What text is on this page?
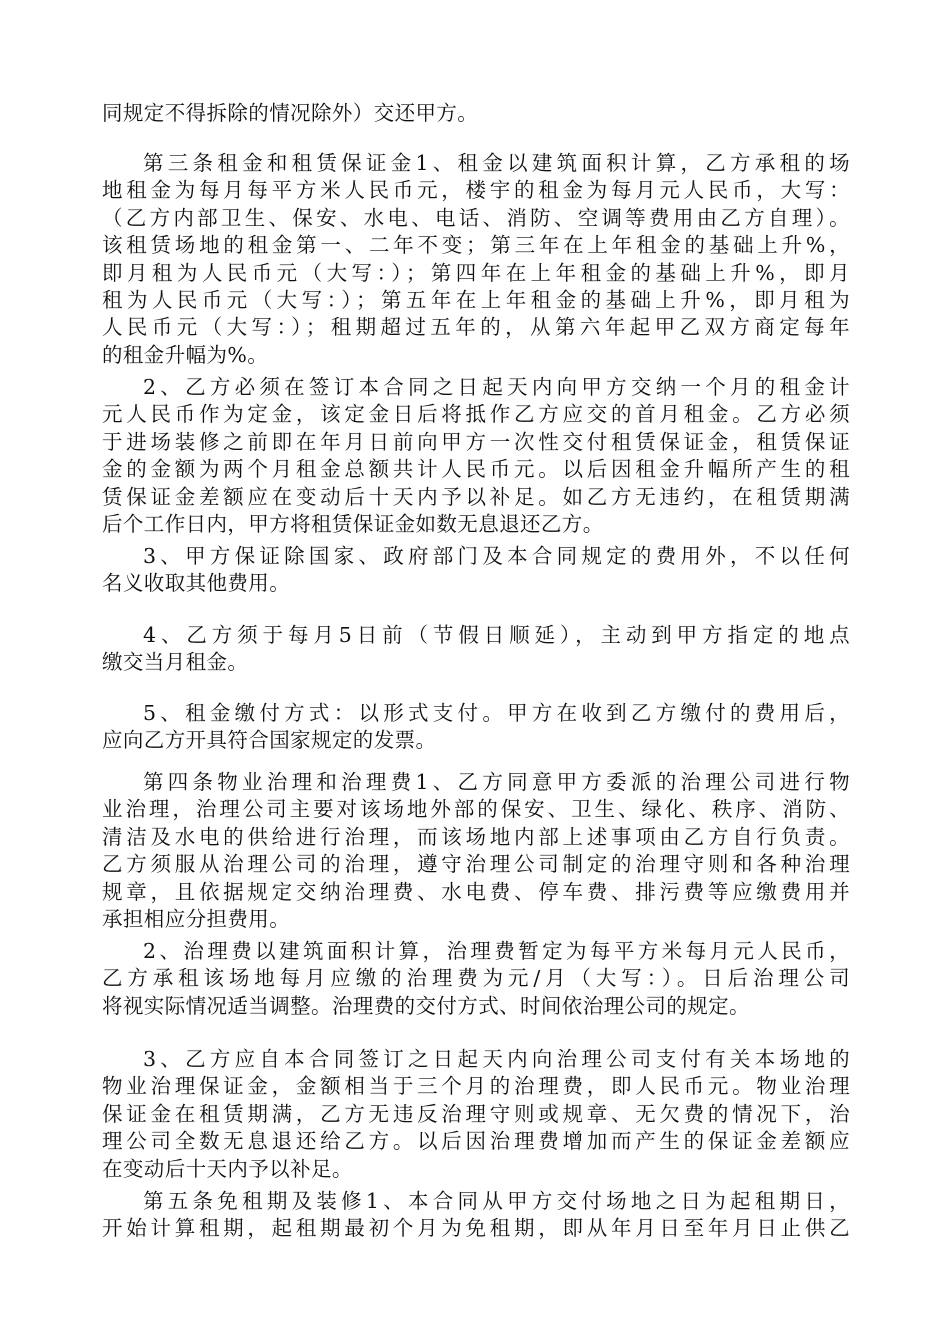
同规定不得拆除的情况除外）交还甲方。
第三条租金和租赁保证金1、租金以建筑面积计算，乙方承租的场
地租金为每月每平方米人民币元，楼宇的租金为每月元人民币，大写：
（乙方内部卫生、保安、水电、电话、消防、空调等费用由乙方自理）。
该租赁场地的租金第一、二年不变；第三年在上年租金的基础上升%，
即月租为人民币元（大写：）；第四年在上年租金的基础上升%，即月
租为人民币元（大写：）；第五年在上年租金的基础上升%，即月租为
人民币元（大写：）；租期超过五年的，从第六年起甲乙双方商定每年
的租金升幅为%。
2、乙方必须在签订本合同之日起天内向甲方交纳一个月的租金计
元人民币作为定金，该定金日后将抵作乙方应交的首月租金。乙方必须
于进场装修之前即在年月日前向甲方一次性交付租赁保证金，租赁保证
金的金额为两个月租金总额共计人民币元。以后因租金升幅所产生的租
赁保证金差额应在变动后十天内予以补足。如乙方无违约，在租赁期满
后个工作日内，甲方将租赁保证金如数无息退还乙方。
3、甲方保证除国家、政府部门及本合同规定的费用外，不以任何
名义收取其他费用。
4、乙方须于每月5日前（节假日顺延），主动到甲方指定的地点
缴交当月租金。
5、租金缴付方式：以形式支付。甲方在收到乙方缴付的费用后，
应向乙方开具符合国家规定的发票。
第四条物业治理和治理费1、乙方同意甲方委派的治理公司进行物
业治理，治理公司主要对该场地外部的保安、卫生、绿化、秩序、消防、
清洁及水电的供给进行治理，而该场地内部上述事项由乙方自行负责。
乙方须服从治理公司的治理，遵守治理公司制定的治理守则和各种治理
规章，且依据规定交纳治理费、水电费、停车费、排污费等应缴费用并
承担相应分担费用。
2、治理费以建筑面积计算，治理费暂定为每平方米每月元人民币，
乙方承租该场地每月应缴的治理费为元/月（大写：）。日后治理公司
将视实际情况适当调整。治理费的交付方式、时间依治理公司的规定。
3、乙方应自本合同签订之日起天内向治理公司支付有关本场地的
物业治理保证金，金额相当于三个月的治理费，即人民币元。物业治理
保证金在租赁期满，乙方无违反治理守则或规章、无欠费的情况下，治
理公司全数无息退还给乙方。以后因治理费增加而产生的保证金差额应
在变动后十天内予以补足。
第五条免租期及装修1、本合同从甲方交付场地之日为起租期日，
开始计算租期，起租期最初个月为免租期，即从年月日至年月日止供乙
